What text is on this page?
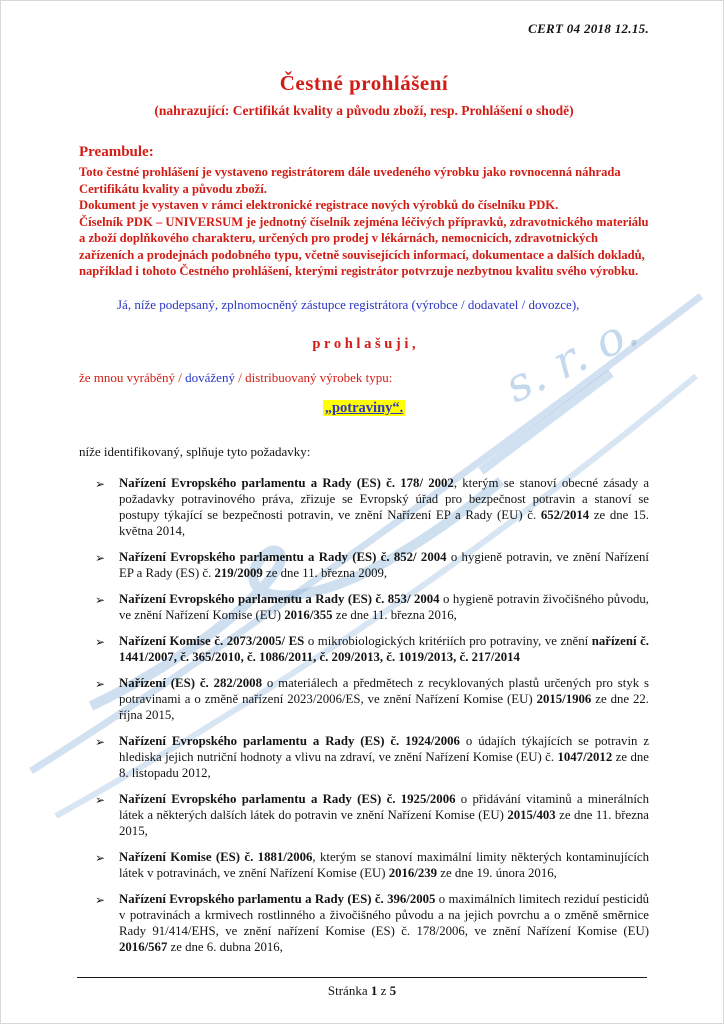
s. r. o.
CERT 04 2018 12.15.
Čestné prohlášení
(nahrazující: Certifikát kvality a původu zboží, resp. Prohlášení o shodě)
Preambule:

Toto čestné prohlášení je vystaveno registrátorem dále uvedeného výrobku jako rovnocenná náhrada Certifikátu kvality a původu zboží.

Dokument je vystaven v rámci elektronické registrace nových výrobků do číselníku PDK.

Číselník PDK – UNIVERSUM je jednotný číselník zejména léčivých přípravků, zdravotnického materiálu a zboží doplňkového charakteru, určených pro prodej v lékárnách, nemocnicích, zdravotnických zařízeních a prodejnách podobného typu, včetně souvisejících informací, dokumentace a dalších dokladů, například i tohoto Čestného prohlášení, kterými registrátor potvrzuje nezbytnou kvalitu svého výrobku.

Já, níže podepsaný, zplnomocněný zástupce registrátora (výrobce / dodavatel / dovozce),
p r o h l a š u j i ,
že mnou vyráběný / dovážený / distribuovaný výrobek typu:
„potraviny“.
níže identifikovaný, splňuje tyto požadavky:
➢	Nařízení Evropského parlamentu a Rady (ES) č. 178/ 2002, kterým se stanoví obecné zásady a požadavky potravinového práva, zřizuje se Evropský úřad pro bezpečnost potravin a stanoví se postupy týkající se bezpečnosti potravin, ve znění Nařízení EP a Rady (EU) č. 652/2014 ze dne 15. května 2014,
➢	Nařízení Evropského parlamentu a Rady (ES) č. 852/ 2004 o hygieně potravin, ve znění Nařízení EP a Rady (ES) č. 219/2009 ze dne 11. března 2009,
➢	Nařízení Evropského parlamentu a Rady (ES) č. 853/ 2004 o hygieně potravin živočišného původu, ve znění Nařízení Komise (EU) 2016/355 ze dne 11. března 2016,
➢	Nařízení Komise č. 2073/2005/ ES o mikrobiologických kritériích pro potraviny, ve znění nařízení č. 1441/2007, č. 365/2010, č. 1086/2011, č. 209/2013, č. 1019/2013, č. 217/2014
➢	Nařízení (ES) č. 282/2008 o materiálech a předmětech z recyklovaných plastů určených pro styk s potravinami a o změně nařízení 2023/2006/ES, ve znění Nařízení Komise (EU) 2015/1906 ze dne 22. října 2015,
➢	Nařízení Evropského parlamentu a Rady (ES) č. 1924/2006 o údajích týkajících se potravin z hlediska jejich nutriční hodnoty a vlivu na zdraví, ve znění Nařízení Komise (EU) č. 1047/2012 ze dne 8. listopadu 2012,
➢	Nařízení Evropského parlamentu a Rady (ES) č. 1925/2006 o přidávání vitaminů a minerálních látek a některých dalších látek do potravin ve znění Nařízení Komise (EU) 2015/403 ze dne 11. března 2015,
➢	Nařízení Komise (ES) č. 1881/2006, kterým se stanoví maximální limity některých kontaminujících látek v potravinách, ve znění Nařízení Komise (EU) 2016/239 ze dne 19. února 2016,
➢	Nařízení Evropského parlamentu a Rady (ES) č. 396/2005 o maximálních limitech reziduí pesticidů v potravinách a krmivech rostlinného a živočišného původu a na jejich povrchu a o změně směrnice Rady 91/414/EHS, ve znění nařízení Komise (ES) č. 178/2006, ve znění Nařízení Komise (EU) 2016/567 ze dne 6. dubna 2016,
Stránka 1 z 5
